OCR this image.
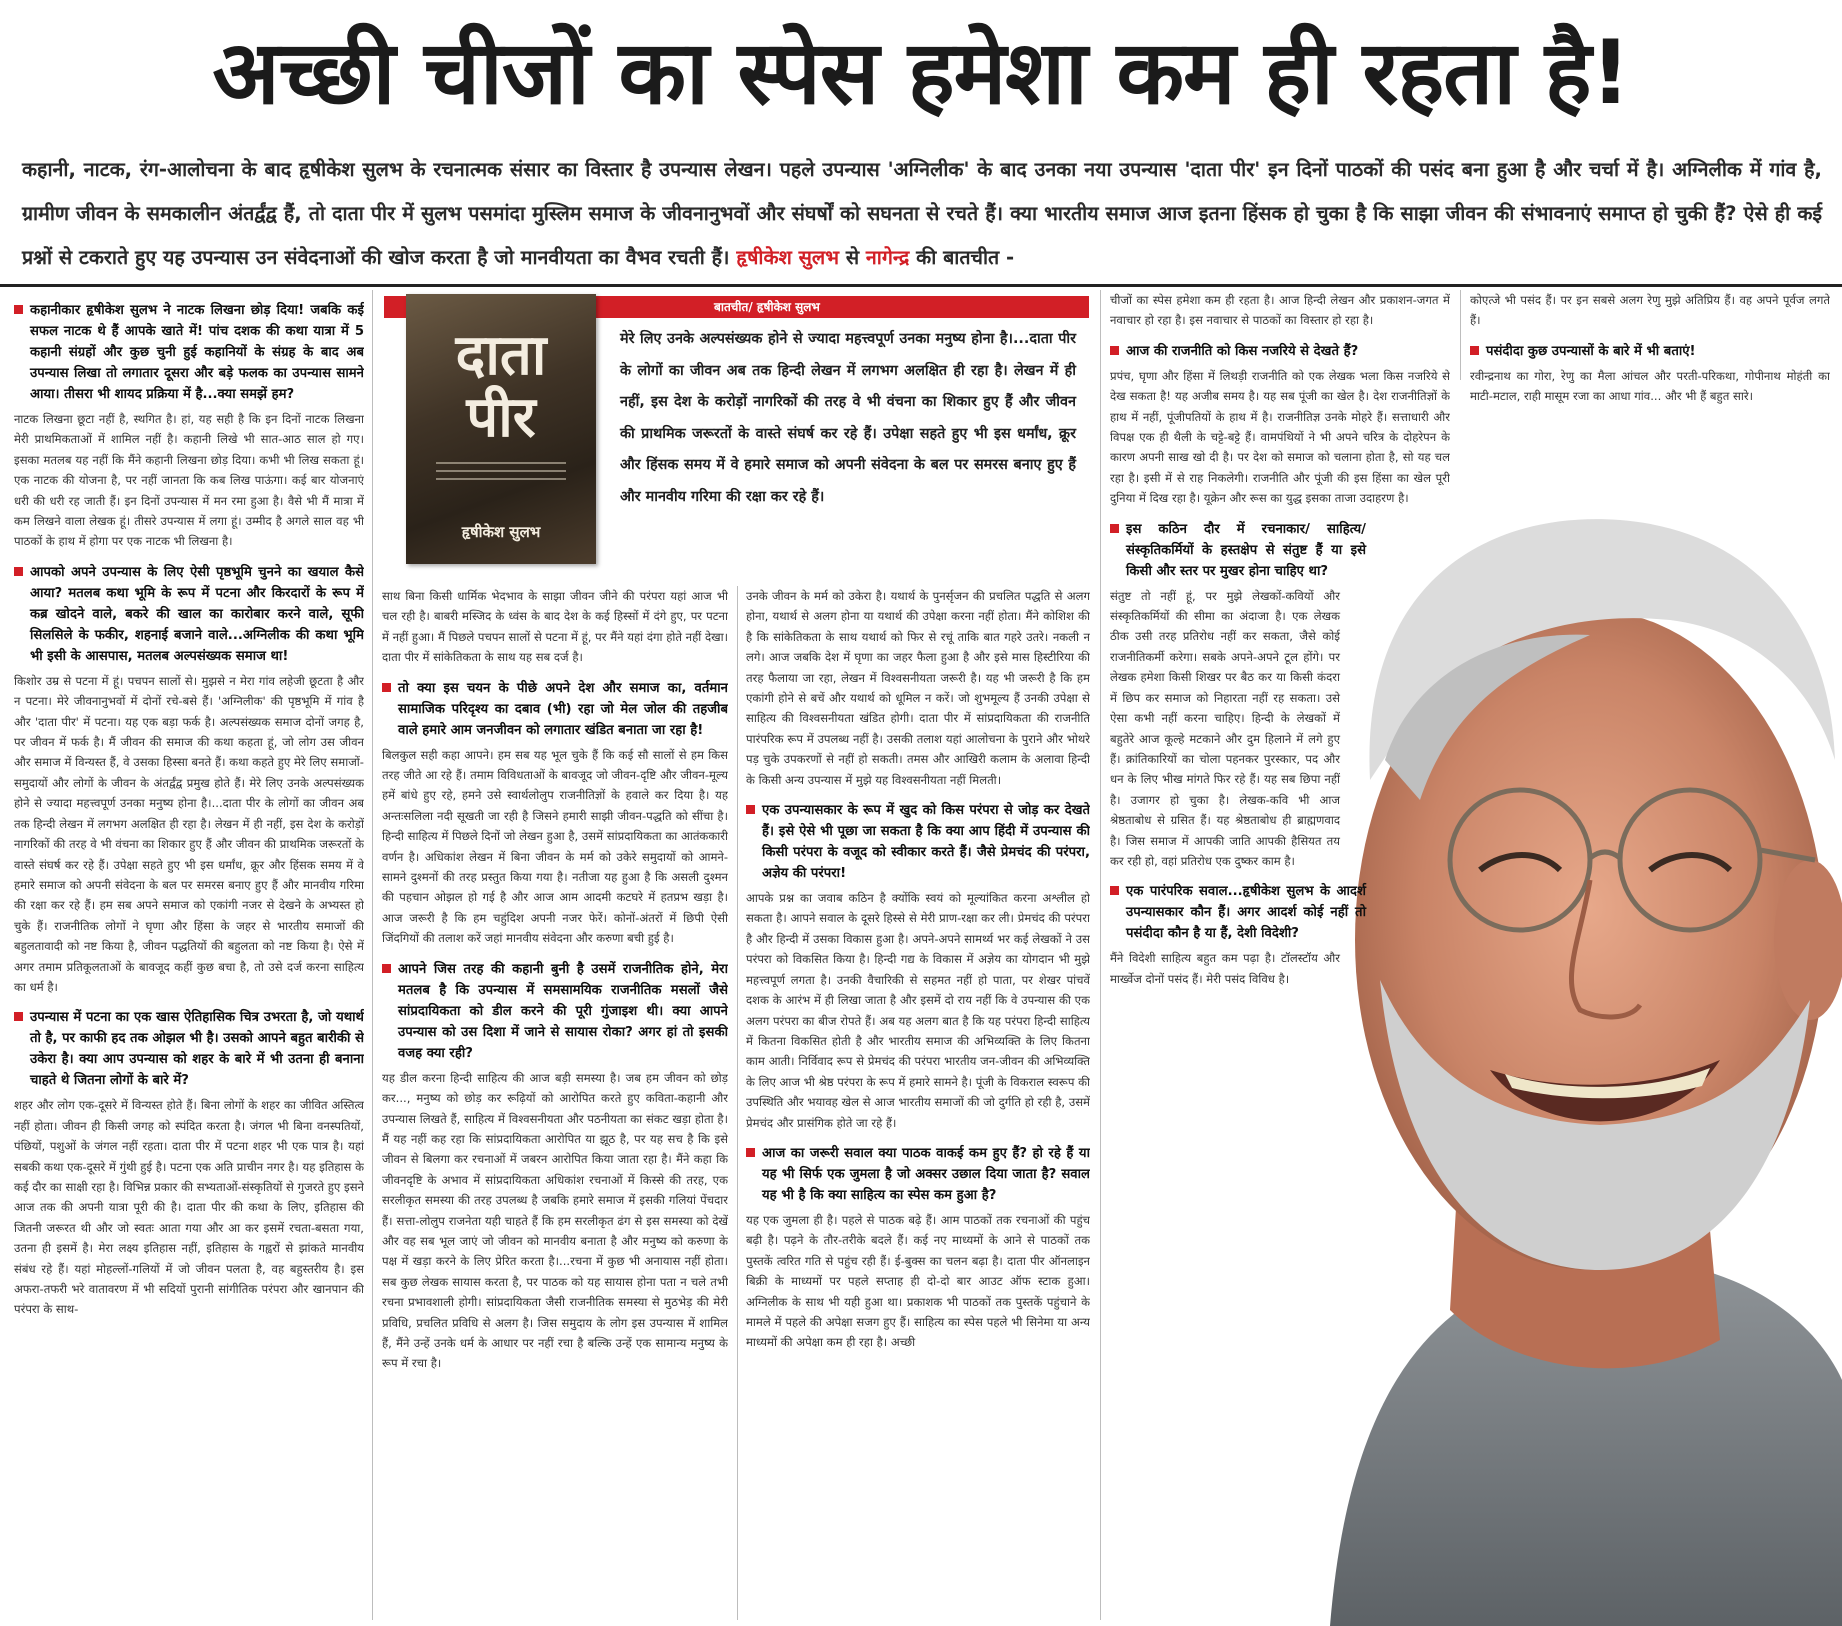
अच्छी चीजों का स्पेस हमेशा कम ही रहता है!
कहानी, नाटक, रंग-आलोचना के बाद हृषीकेश सुलभ के रचनात्मक संसार का विस्तार है उपन्यास लेखन। पहले उपन्यास 'अग्निलीक' के बाद उनका नया उपन्यास 'दाता पीर' इन दिनों पाठकों की पसंद बना हुआ है और चर्चा में है। अग्निलीक में गांव है, ग्रामीण जीवन के समकालीन अंतर्द्वंद्व हैं, तो दाता पीर में सुलभ पसमांदा मुस्लिम समाज के जीवनानुभवों और संघर्षों को सघनता से रचते हैं। क्या भारतीय समाज आज इतना हिंसक हो चुका है कि साझा जीवन की संभावनाएं समाप्त हो चुकी हैं? ऐसे ही कई प्रश्नों से टकराते हुए यह उपन्यास उन संवेदनाओं की खोज करता है जो मानवीयता का वैभव रचती हैं। हृषीकेश सुलभ से नागेन्द्र की बातचीत -
कहानीकार हृषीकेश सुलभ ने नाटक लिखना छोड़ दिया! जबकि कई सफल नाटक थे हैं आपके खाते में! पांच दशक की कथा यात्रा में 5 कहानी संग्रहों और कुछ चुनी हुई कहानियों के संग्रह के बाद अब उपन्यास लिखा तो लगातार दूसरा और बड़े फलक का उपन्यास सामने आया। तीसरा भी शायद प्रक्रिया में है...क्या समझें हम?

नाटक लिखना छूटा नहीं है, स्थगित है। हां, यह सही है कि इन दिनों नाटक लिखना मेरी प्राथमिकताओं में शामिल नहीं है। कहानी लिखे भी सात-आठ साल हो गए। इसका मतलब यह नहीं कि मैंने कहानी लिखना छोड़ दिया। कभी भी लिख सकता हूं। एक नाटक की योजना है, पर नहीं जानता कि कब लिख पाऊंगा। कई बार योजनाएं धरी की धरी रह जाती हैं। इन दिनों उपन्यास में मन रमा हुआ है। वैसे भी मैं मात्रा में कम लिखने वाला लेखक हूं। तीसरे उपन्यास में लगा हूं। उम्मीद है अगले साल वह भी पाठकों के हाथ में होगा पर एक नाटक भी लिखना है।

आपको अपने उपन्यास के लिए ऐसी पृष्ठभूमि चुनने का खयाल कैसे आया? मतलब कथा भूमि के रूप में पटना और किरदारों के रूप में कब्र खोदने वाले, बकरे की खाल का कारोबार करने वाले, सूफी सिलसिले के फकीर, शहनाई बजाने वाले...अग्निलीक की कथा भूमि भी इसी के आसपास, मतलब अल्पसंख्यक समाज था!

किशोर उम्र से पटना में हूं। पचपन सालों से। मुझसे न मेरा गांव लहेजी छूटता है और न पटना। मेरे जीवनानुभवों में दोनों रचे-बसे हैं। 'अग्निलीक' की पृष्ठभूमि में गांव है और 'दाता पीर' में पटना। यह एक बड़ा फर्क है। अल्पसंख्यक समाज दोनों जगह है, पर जीवन में फर्क है। मैं जीवन की समाज की कथा कहता हूं, जो लोग उस जीवन और समाज में विन्यस्त हैं, वे उसका हिस्सा बनते हैं। कथा कहते हुए मेरे लिए समाजों-समुदायों और लोगों के जीवन के अंतर्द्वंद्व प्रमुख होते हैं। मेरे लिए उनके अल्पसंख्यक होने से ज्यादा महत्त्वपूर्ण उनका मनुष्य होना है।...दाता पीर के लोगों का जीवन अब तक हिन्दी लेखन में लगभग अलक्षित ही रहा है। लेखन में ही नहीं, इस देश के करोड़ों नागरिकों की तरह वे भी वंचना का शिकार हुए हैं और जीवन की प्राथमिक जरूरतों के वास्ते संघर्ष कर रहे हैं। उपेक्षा सहते हुए भी इस धर्मांध, क्रूर और हिंसक समय में वे हमारे समाज को अपनी संवेदना के बल पर समरस बनाए हुए हैं और मानवीय गरिमा की रक्षा कर रहे हैं। हम सब अपने समाज को एकांगी नजर से देखने के अभ्यस्त हो चुके हैं। राजनीतिक लोगों ने घृणा और हिंसा के जहर से भारतीय समाजों की बहुलतावादी को नष्ट किया है, जीवन पद्धतियों की बहुलता को नष्ट किया है। ऐसे में अगर तमाम प्रतिकूलताओं के बावजूद कहीं कुछ बचा है, तो उसे दर्ज करना साहित्य का धर्म है।

उपन्यास में पटना का एक खास ऐतिहासिक चित्र उभरता है, जो यथार्थ तो है, पर काफी हद तक ओझल भी है। उसको आपने बहुत बारीकी से उकेरा है। क्या आप उपन्यास को शहर के बारे में भी उतना ही बनाना चाहते थे जितना लोगों के बारे में?

शहर और लोग एक-दूसरे में विन्यस्त होते हैं। बिना लोगों के शहर का जीवित अस्तित्व नहीं होता। जीवन ही किसी जगह को स्पंदित करता है। जंगल भी बिना वनस्पतियों, पंछियों, पशुओं के जंगल नहीं रहता। दाता पीर में पटना शहर भी एक पात्र है। यहां सबकी कथा एक-दूसरे में गुंथी हुई है। पटना एक अति प्राचीन नगर है। यह इतिहास के कई दौर का साक्षी रहा है। विभिन्न प्रकार की सभ्यताओं-संस्कृतियों से गुजरते हुए इसने आज तक की अपनी यात्रा पूरी की है। दाता पीर की कथा के लिए, इतिहास की जितनी जरूरत थी और जो स्वतः आता गया और आ कर इसमें रचता-बसता गया, उतना ही इसमें है। मेरा लक्ष्य इतिहास नहीं, इतिहास के गह्वरों से झांकते मानवीय संबंध रहे हैं। यहां मोहल्लों-गलियों में जो जीवन पलता है, वह बहुस्तरीय है। इस अफरा-तफरी भरे वातावरण में भी सदियों पुरानी सांगीतिक परंपरा और खानपान की परंपरा के साथ-

बातचीत/ हृषीकेश सुलभ
दाता
पीर
हृषीकेश सुलभ
मेरे लिए उनके अल्पसंख्यक होने से ज्यादा महत्त्वपूर्ण उनका मनुष्य होना है।...दाता पीर के लोगों का जीवन अब तक हिन्दी लेखन में लगभग अलक्षित ही रहा है। लेखन में ही नहीं, इस देश के करोड़ों नागरिकों की तरह वे भी वंचना का शिकार हुए हैं और जीवन की प्राथमिक जरूरतों के वास्ते संघर्ष कर रहे हैं। उपेक्षा सहते हुए भी इस धर्मांध, क्रूर और हिंसक समय में वे हमारे समाज को अपनी संवेदना के बल पर समरस बनाए हुए हैं और मानवीय गरिमा की रक्षा कर रहे हैं।

साथ बिना किसी धार्मिक भेदभाव के साझा जीवन जीने की परंपरा यहां आज भी चल रही है। बाबरी मस्जिद के ध्वंस के बाद देश के कई हिस्सों में दंगे हुए, पर पटना में नहीं हुआ। मैं पिछले पचपन सालों से पटना में हूं, पर मैंने यहां दंगा होते नहीं देखा। दाता पीर में सांकेतिकता के साथ यह सब दर्ज है।

तो क्या इस चयन के पीछे अपने देश और समाज का, वर्तमान सामाजिक परिदृश्य का दबाव (भी) रहा जो मेल जोल की तहजीब वाले हमारे आम जनजीवन को लगातार खंडित बनाता जा रहा है!

बिलकुल सही कहा आपने। हम सब यह भूल चुके हैं कि कई सौ सालों से हम किस तरह जीते आ रहे हैं। तमाम विविधताओं के बावजूद जो जीवन-दृष्टि और जीवन-मूल्य हमें बांधे हुए रहे, हमने उसे स्वार्थलोलुप राजनीतिज्ञों के हवाले कर दिया है। यह अन्तःसलिला नदी सूखती जा रही है जिसने हमारी साझी जीवन-पद्धति को सींचा है। हिन्दी साहित्य में पिछले दिनों जो लेखन हुआ है, उसमें सांप्रदायिकता का आतंककारी वर्णन है। अधिकांश लेखन में बिना जीवन के मर्म को उकेरे समुदायों को आमने-सामने दुश्मनों की तरह प्रस्तुत किया गया है। नतीजा यह हुआ है कि असली दुश्मन की पहचान ओझल हो गई है और आज आम आदमी कटघरे में हतप्रभ खड़ा है। आज जरूरी है कि हम चहुंदिश अपनी नजर फेरें। कोनों-अंतरों में छिपी ऐसी जिंदगियों की तलाश करें जहां मानवीय संवेदना और करुणा बची हुई है।

आपने जिस तरह की कहानी बुनी है उसमें राजनीतिक होने, मेरा मतलब है कि उपन्यास में समसामयिक राजनीतिक मसलों जैसे सांप्रदायिकता को डील करने की पूरी गुंजाइश थी। क्या आपने उपन्यास को उस दिशा में जाने से सायास रोका? अगर हां तो इसकी वजह क्या रही?

यह डील करना हिन्दी साहित्य की आज बड़ी समस्या है। जब हम जीवन को छोड़ कर..., मनुष्य को छोड़ कर रूढ़ियों को आरोपित करते हुए कविता-कहानी और उपन्यास लिखते हैं, साहित्य में विश्वसनीयता और पठनीयता का संकट खड़ा होता है। मैं यह नहीं कह रहा कि सांप्रदायिकता आरोपित या झूठ है, पर यह सच है कि इसे जीवन से बिलगा कर रचनाओं में जबरन आरोपित किया जाता रहा है। मैंने कहा कि जीवनदृष्टि के अभाव में सांप्रदायिकता अधिकांश रचनाओं में किस्से की तरह, एक सरलीकृत समस्या की तरह उपलब्ध है जबकि हमारे समाज में इसकी गलियां पेंचदार हैं। सत्ता-लोलुप राजनेता यही चाहते हैं कि हम सरलीकृत ढंग से इस समस्या को देखें और वह सब भूल जाएं जो जीवन को मानवीय बनाता है और मनुष्य को करुणा के पक्ष में खड़ा करने के लिए प्रेरित करता है।...रचना में कुछ भी अनायास नहीं होता। सब कुछ लेखक सायास करता है, पर पाठक को यह सायास होना पता न चले तभी रचना प्रभावशाली होगी। सांप्रदायिकता जैसी राजनीतिक समस्या से मुठभेड़ की मेरी प्रविधि, प्रचलित प्रविधि से अलग है। जिस समुदाय के लोग इस उपन्यास में शामिल हैं, मैंने उन्हें उनके धर्म के आधार पर नहीं रचा है बल्कि उन्हें एक सामान्य मनुष्य के रूप में रचा है।

उनके जीवन के मर्म को उकेरा है। यथार्थ के पुनर्सृजन की प्रचलित पद्धति से अलग होना, यथार्थ से अलग होना या यथार्थ की उपेक्षा करना नहीं होता। मैंने कोशिश की है कि सांकेतिकता के साथ यथार्थ को फिर से रचूं ताकि बात गहरे उतरे। नकली न लगे। आज जबकि देश में घृणा का जहर फैला हुआ है और इसे मास हिस्टीरिया की तरह फैलाया जा रहा, लेखन में विश्वसनीयता जरूरी है। यह भी जरूरी है कि हम एकांगी होने से बचें और यथार्थ को धूमिल न करें। जो शुभमूल्य हैं उनकी उपेक्षा से साहित्य की विश्वसनीयता खंडित होगी। दाता पीर में सांप्रदायिकता की राजनीति पारंपरिक रूप में उपलब्ध नहीं है। उसकी तलाश यहां आलोचना के पुराने और भोथरे पड़ चुके उपकरणों से नहीं हो सकती। तमस और आखिरी कलाम के अलावा हिन्दी के किसी अन्य उपन्यास में मुझे यह विश्वसनीयता नहीं मिलती।

एक उपन्यासकार के रूप में खुद को किस परंपरा से जोड़ कर देखते हैं। इसे ऐसे भी पूछा जा सकता है कि क्या आप हिंदी में उपन्यास की किसी परंपरा के वजूद को स्वीकार करते हैं। जैसे प्रेमचंद की परंपरा, अज्ञेय की परंपरा!

आपके प्रश्न का जवाब कठिन है क्योंकि स्वयं को मूल्यांकित करना अश्लील हो सकता है। आपने सवाल के दूसरे हिस्से से मेरी प्राण-रक्षा कर ली। प्रेमचंद की परंपरा है और हिन्दी में उसका विकास हुआ है। अपने-अपने सामर्थ्य भर कई लेखकों ने उस परंपरा को विकसित किया है। हिन्दी गद्य के विकास में अज्ञेय का योगदान भी मुझे महत्त्वपूर्ण लगता है। उनकी वैचारिकी से सहमत नहीं हो पाता, पर शेखर पांचवें दशक के आरंभ में ही लिखा जाता है और इसमें दो राय नहीं कि वे उपन्यास की एक अलग परंपरा का बीज रोपते हैं। अब यह अलग बात है कि यह परंपरा हिन्दी साहित्य में कितना विकसित होती है और भारतीय समाज की अभिव्यक्ति के लिए कितना काम आती। निर्विवाद रूप से प्रेमचंद की परंपरा भारतीय जन-जीवन की अभिव्यक्ति के लिए आज भी श्रेष्ठ परंपरा के रूप में हमारे सामने है। पूंजी के विकराल स्वरूप की उपस्थिति और भयावह खेल से आज भारतीय समाजों की जो दुर्गति हो रही है, उसमें प्रेमचंद और प्रासंगिक होते जा रहे हैं।

आज का जरूरी सवाल क्या पाठक वाकई कम हुए हैं? हो रहे हैं या यह भी सिर्फ एक जुमला है जो अक्सर उछाल दिया जाता है? सवाल यह भी है कि क्या साहित्य का स्पेस कम हुआ है?

यह एक जुमला ही है। पहले से पाठक बढ़े हैं। आम पाठकों तक रचनाओं की पहुंच बढ़ी है। पढ़ने के तौर-तरीके बदले हैं। कई नए माध्यमों के आने से पाठकों तक पुस्तकें त्वरित गति से पहुंच रही हैं। ई-बुक्स का चलन बढ़ा है। दाता पीर ऑनलाइन बिक्री के माध्यमों पर पहले सप्ताह ही दो-दो बार आउट ऑफ स्टाक हुआ। अग्निलीक के साथ भी यही हुआ था। प्रकाशक भी पाठकों तक पुस्तकें पहुंचाने के मामले में पहले की अपेक्षा सजग हुए हैं। साहित्य का स्पेस पहले भी सिनेमा या अन्य माध्यमों की अपेक्षा कम ही रहा है। अच्छी

चीजों का स्पेस हमेशा कम ही रहता है। आज हिन्दी लेखन और प्रकाशन-जगत में नवाचार हो रहा है। इस नवाचार से पाठकों का विस्तार हो रहा है।

आज की राजनीति को किस नजरिये से देखते हैं?

प्रपंच, घृणा और हिंसा में लिथड़ी राजनीति को एक लेखक भला किस नजरिये से देख सकता है! यह अजीब समय है। यह सब पूंजी का खेल है। देश राजनीतिज्ञों के हाथ में नहीं, पूंजीपतियों के हाथ में है। राजनीतिज्ञ उनके मोहरे हैं। सत्ताधारी और विपक्ष एक ही थैली के चट्टे-बट्टे हैं। वामपंथियों ने भी अपने चरित्र के दोहरेपन के कारण अपनी साख खो दी है। पर देश को समाज को चलाना होता है, सो यह चल रहा है। इसी में से राह निकलेगी। राजनीति और पूंजी की इस हिंसा का खेल पूरी दुनिया में दिख रहा है। यूक्रेन और रूस का युद्ध इसका ताजा उदाहरण है।

इस कठिन दौर में रचनाकार/ साहित्य/ संस्कृतिकर्मियों के हस्तक्षेप से संतुष्ट हैं या इसे किसी और स्तर पर मुखर होना चाहिए था?

संतुष्ट तो नहीं हूं, पर मुझे लेखकों-कवियों और संस्कृतिकर्मियों की सीमा का अंदाजा है। एक लेखक ठीक उसी तरह प्रतिरोध नहीं कर सकता, जैसे कोई राजनीतिकर्मी करेगा। सबके अपने-अपने टूल होंगे। पर लेखक हमेशा किसी शिखर पर बैठ कर या किसी कंदरा में छिप कर समाज को निहारता नहीं रह सकता। उसे ऐसा कभी नहीं करना चाहिए। हिन्दी के लेखकों में बहुतेरे आज कूल्हे मटकाने और दुम हिलाने में लगे हुए हैं। क्रांतिकारियों का चोला पहनकर पुरस्कार, पद और धन के लिए भीख मांगते फिर रहे हैं। यह सब छिपा नहीं है। उजागर हो चुका है। लेखक-कवि भी आज श्रेष्ठताबोध से ग्रसित हैं। यह श्रेष्ठताबोध ही ब्राह्मणवाद है। जिस समाज में आपकी जाति आपकी हैसियत तय कर रही हो, वहां प्रतिरोध एक दुष्कर काम है।

एक पारंपरिक सवाल...हृषीकेश सुलभ के आदर्श उपन्यासकार कौन हैं। अगर आदर्श कोई नहीं तो पसंदीदा कौन है या हैं, देशी विदेशी?

मैंने विदेशी साहित्य बहुत कम पढ़ा है। टॉलस्टॉय और मार्ख्वेज दोनों पसंद हैं। मेरी पसंद विविध है।

कोएत्जे भी पसंद हैं। पर इन सबसे अलग रेणु मुझे अतिप्रिय हैं। वह अपने पूर्वज लगते हैं।

पसंदीदा कुछ उपन्यासों के बारे में भी बताएं!

रवीन्द्रनाथ का गोरा, रेणु का मैला आंचल और परती-परिकथा, गोपीनाथ मोहंती का माटी-मटाल, राही मासूम रजा का आधा गांव... और भी हैं बहुत सारे।
